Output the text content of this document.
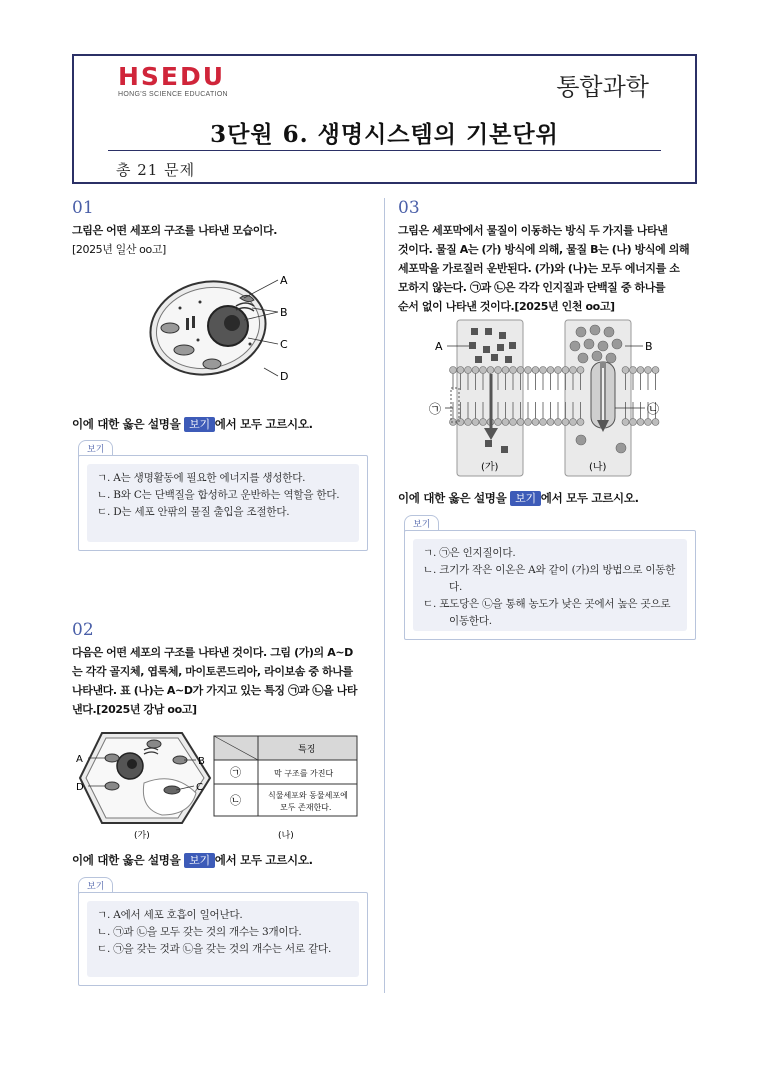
HSEDU
HONG'S SCIENCE EDUCATION	통합과학
3단원 6. 생명시스템의 기본단위
총 21 문제
01
그림은 어떤 세포의 구조를 나타낸 모습이다.
[2025년 일산 oo고]
A
B
C
D
이에 대한 옳은 설명을 보기 에서 모두 고르시오.
보기
ㄱ. A는 생명활동에 필요한 에너지를 생성한다.
ㄴ. B와 C는 단백질을 합성하고 운반하는 역할을 한다.
ㄷ. D는 세포 안팎의 물질 출입을 조절한다.
02
다음은 어떤 세포의 구조를 나타낸 것이다. 그림 (가)의 A~D
는 각각 골지체, 엽록체, 마이토콘드리아, 라이보솜 중 하나를
나타낸다. 표 (나)는 A~D가 가지고 있는 특징 ㉠과 ㉡을 나타
낸다.[2025년 강남 oo고]
A	B
C
D
(가)
특징
㉠	막 구조를 가진다
㉡	식물세포와 동물세포에
모두 존재한다.
(나)
이에 대한 옳은 설명을 보기 에서 모두 고르시오.
보기
ㄱ. A에서 세포 호흡이 일어난다.
ㄴ. ㉠과 ㉡을 모두 갖는 것의 개수는 3개이다.
ㄷ. ㉠을 갖는 것과 ㉡을 갖는 것의 개수는 서로 같다.
03
그림은 세포막에서 물질이 이동하는 방식 두 가지를 나타낸
것이다. 물질 A는 (가) 방식에 의해, 물질 B는 (나) 방식에 의해
세포막을 가로질러 운반된다. (가)와 (나)는 모두 에너지를 소
모하지 않는다. ㉠과 ㉡은 각각 인지질과 단백질 중 하나를
순서 없이 나타낸 것이다.[2025년 인천 oo고]
A	B
㉠	㉡
(가)	(나)
이에 대한 옳은 설명을 보기 에서 모두 고르시오.
보기
ㄱ. ㉠은 인지질이다.
ㄴ. 크기가 작은 이온은 A와 같이 (가)의 방법으로 이동한다.
ㄷ. 포도당은 ㉡을 통해 농도가 낮은 곳에서 높은 곳으로 이동한다.
